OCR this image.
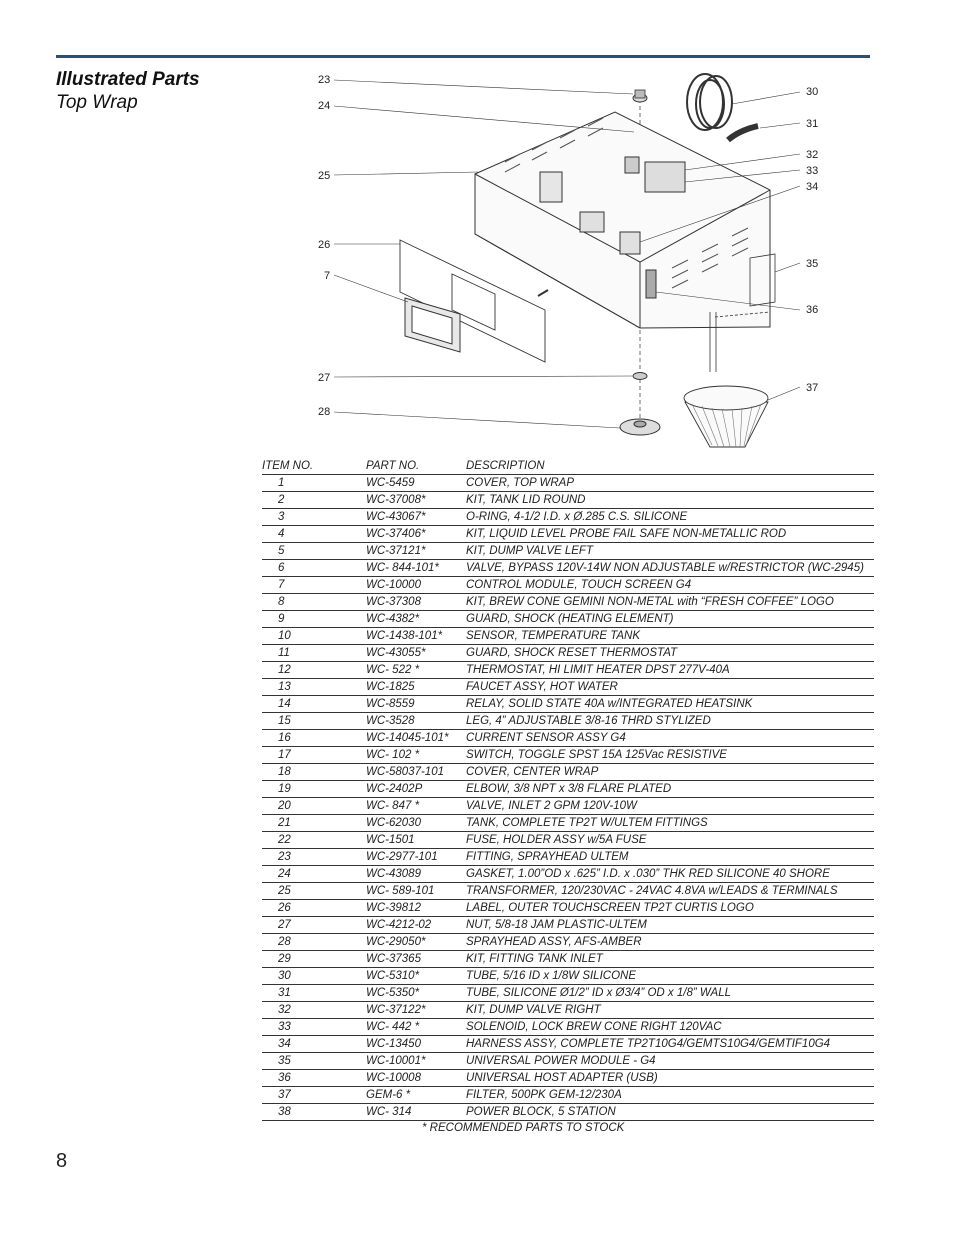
Illustrated Parts
Top Wrap
23
24
25
26
7
27
28
30
31
32
33
34
35
36
37
ITEM NO.	PART NO.	DESCRIPTION
1	WC-5459	COVER, TOP WRAP
2	WC-37008*	KIT, TANK LID ROUND
3	WC-43067*	O-RING, 4-1/2 I.D. x Ø.285 C.S. SILICONE
4	WC-37406*	KIT, LIQUID LEVEL PROBE FAIL SAFE NON-METALLIC ROD
5	WC-37121*	KIT, DUMP VALVE LEFT
6	WC- 844-101*	VALVE, BYPASS 120V-14W NON ADJUSTABLE w/RESTRICTOR (WC-2945)
7	WC-10000	CONTROL MODULE, TOUCH SCREEN G4
8	WC-37308	KIT, BREW CONE GEMINI NON-METAL with “FRESH COFFEE” LOGO
9	WC-4382*	GUARD, SHOCK (HEATING ELEMENT)
10	WC-1438-101*	SENSOR, TEMPERATURE TANK
11	WC-43055*	GUARD, SHOCK RESET THERMOSTAT
12	WC- 522 *	THERMOSTAT, HI LIMIT HEATER DPST 277V-40A
13	WC-1825	FAUCET ASSY, HOT WATER
14	WC-8559	RELAY, SOLID STATE 40A w/INTEGRATED HEATSINK
15	WC-3528	LEG, 4” ADJUSTABLE 3/8-16 THRD STYLIZED
16	WC-14045-101*	CURRENT SENSOR ASSY G4
17	WC- 102 *	SWITCH, TOGGLE SPST 15A 125Vac RESISTIVE
18	WC-58037-101	COVER, CENTER WRAP
19	WC-2402P	ELBOW, 3/8 NPT x 3/8 FLARE PLATED
20	WC- 847 *	VALVE, INLET 2 GPM 120V-10W
21	WC-62030	TANK, COMPLETE TP2T W/ULTEM FITTINGS
22	WC-1501	FUSE, HOLDER ASSY w/5A FUSE
23	WC-2977-101	FITTING, SPRAYHEAD ULTEM
24	WC-43089	GASKET, 1.00”OD x .625” I.D. x .030” THK RED SILICONE 40 SHORE
25	WC- 589-101	TRANSFORMER, 120/230VAC - 24VAC 4.8VA w/LEADS & TERMINALS
26	WC-39812	LABEL, OUTER TOUCHSCREEN TP2T CURTIS LOGO
27	WC-4212-02	NUT, 5/8-18 JAM PLASTIC-ULTEM
28	WC-29050*	SPRAYHEAD ASSY, AFS-AMBER
29	WC-37365	KIT, FITTING TANK INLET
30	WC-5310*	TUBE, 5/16 ID x 1/8W SILICONE
31	WC-5350*	TUBE, SILICONE Ø1/2” ID x Ø3/4” OD x 1/8” WALL
32	WC-37122*	KIT, DUMP VALVE RIGHT
33	WC- 442 *	SOLENOID, LOCK BREW CONE RIGHT 120VAC
34	WC-13450	HARNESS ASSY, COMPLETE TP2T10G4/GEMTS10G4/GEMTIF10G4
35	WC-10001*	UNIVERSAL POWER MODULE - G4
36	WC-10008	UNIVERSAL HOST ADAPTER (USB)
37	GEM-6 *	FILTER, 500PK GEM-12/230A
38	WC- 314	POWER BLOCK, 5 STATION
* RECOMMENDED PARTS TO STOCK
8
